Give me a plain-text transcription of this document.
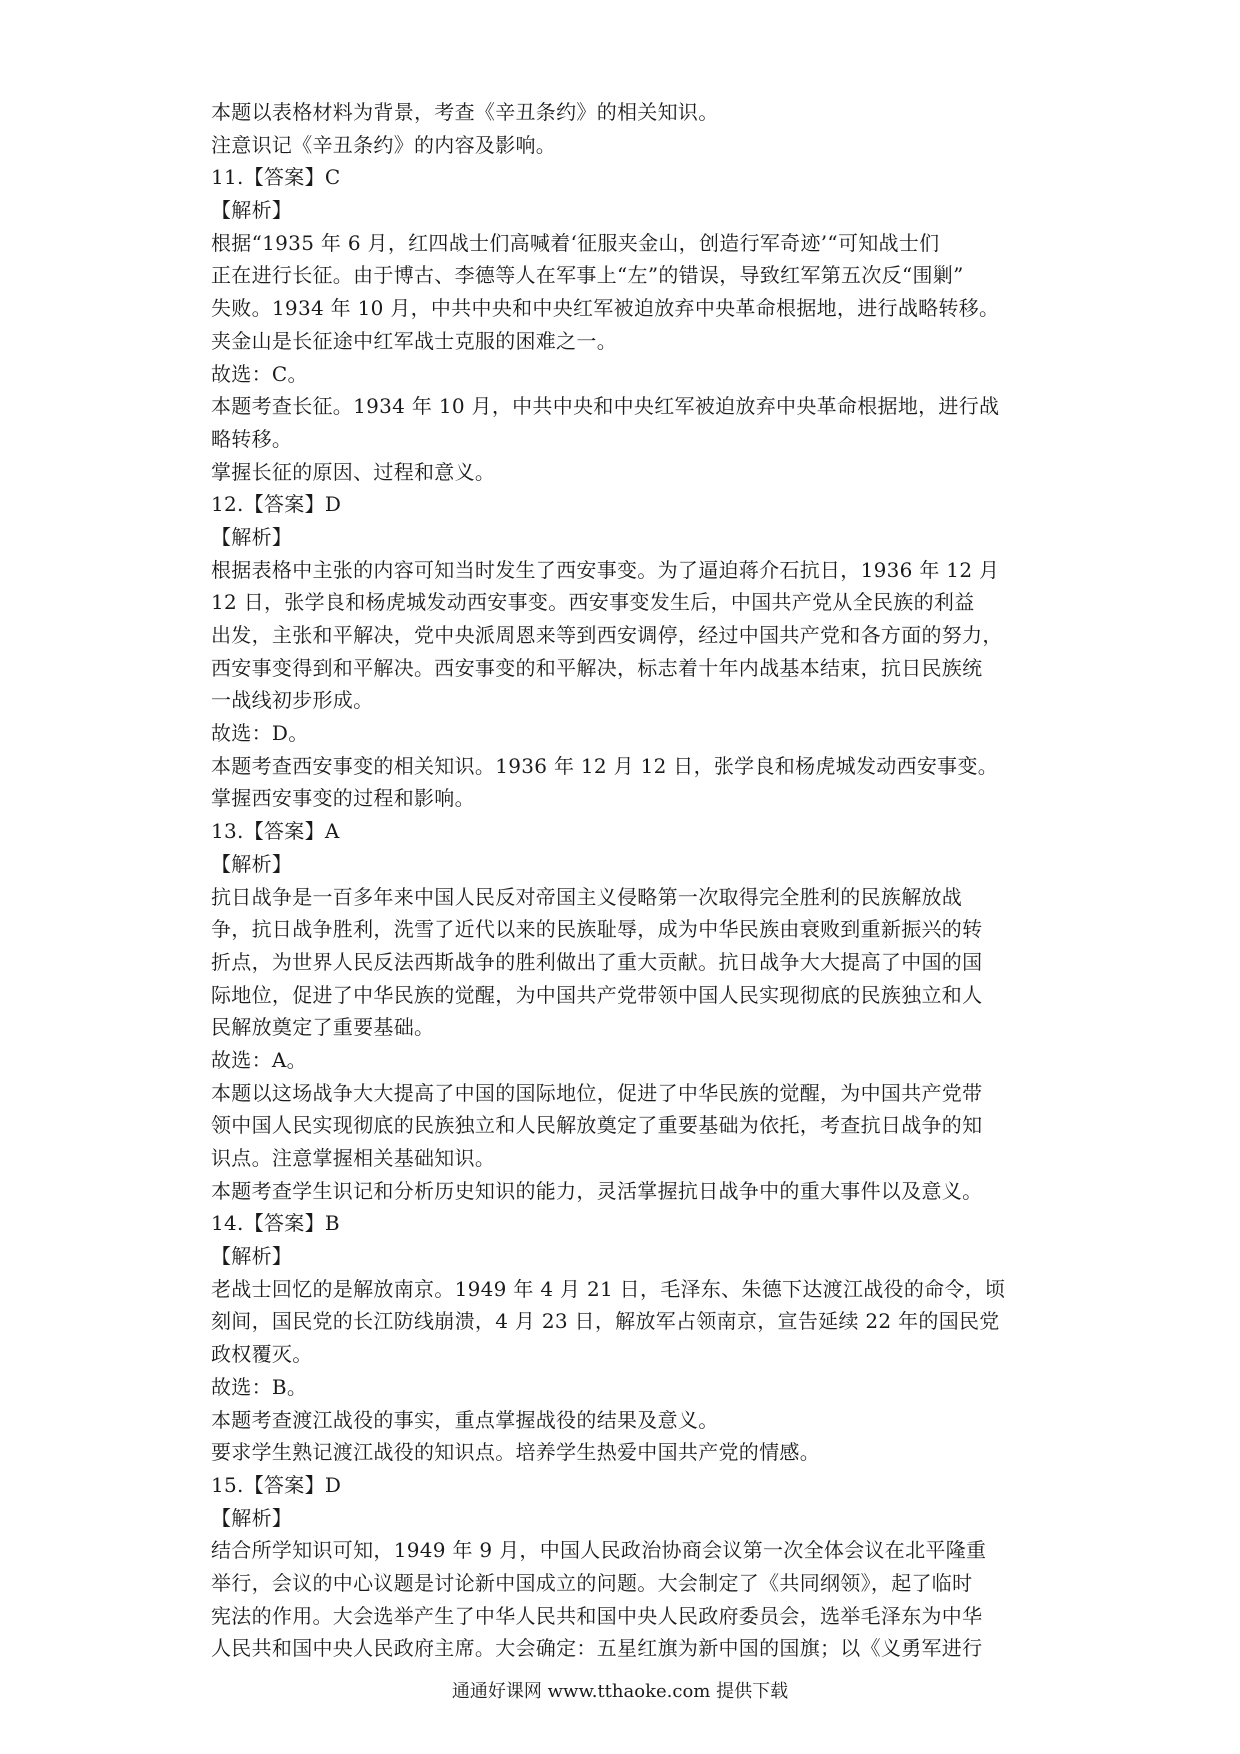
本题以表格材料为背景，考查《辛丑条约》的相关知识。
注意识记《辛丑条约》的内容及影响。
11.【答案】C
【解析】
根据“1935 年 6 月，红四战士们高喊着‘征服夹金山，创造行军奇迹’“可知战士们
正在进行长征。由于博古、李德等人在军事上“左”的错误，导致红军第五次反“围剿”
失败。1934 年 10 月，中共中央和中央红军被迫放弃中央革命根据地，进行战略转移。
夹金山是长征途中红军战士克服的困难之一。
故选：C。
本题考查长征。1934 年 10 月，中共中央和中央红军被迫放弃中央革命根据地，进行战
略转移。
掌握长征的原因、过程和意义。
12.【答案】D
【解析】
根据表格中主张的内容可知当时发生了西安事变。为了逼迫蒋介石抗日，1936 年 12 月
12 日，张学良和杨虎城发动西安事变。西安事变发生后，中国共产党从全民族的利益
出发，主张和平解决，党中央派周恩来等到西安调停，经过中国共产党和各方面的努力，
西安事变得到和平解决。西安事变的和平解决，标志着十年内战基本结束，抗日民族统
一战线初步形成。
故选：D。
本题考查西安事变的相关知识。1936 年 12 月 12 日，张学良和杨虎城发动西安事变。
掌握西安事变的过程和影响。
13.【答案】A
【解析】
抗日战争是一百多年来中国人民反对帝国主义侵略第一次取得完全胜利的民族解放战
争，抗日战争胜利，洗雪了近代以来的民族耻辱，成为中华民族由衰败到重新振兴的转
折点，为世界人民反法西斯战争的胜利做出了重大贡献。抗日战争大大提高了中国的国
际地位，促进了中华民族的觉醒，为中国共产党带领中国人民实现彻底的民族独立和人
民解放奠定了重要基础。
故选：A。
本题以这场战争大大提高了中国的国际地位，促进了中华民族的觉醒，为中国共产党带
领中国人民实现彻底的民族独立和人民解放奠定了重要基础为依托，考查抗日战争的知
识点。注意掌握相关基础知识。
本题考查学生识记和分析历史知识的能力，灵活掌握抗日战争中的重大事件以及意义。
14.【答案】B
【解析】
老战士回忆的是解放南京。1949 年 4 月 21 日，毛泽东、朱德下达渡江战役的命令，顷
刻间，国民党的长江防线崩溃，4 月 23 日，解放军占领南京，宣告延续 22 年的国民党
政权覆灭。
故选：B。
本题考查渡江战役的事实，重点掌握战役的结果及意义。
要求学生熟记渡江战役的知识点。培养学生热爱中国共产党的情感。
15.【答案】D
【解析】
结合所学知识可知，1949 年 9 月，中国人民政治协商会议第一次全体会议在北平隆重
举行，会议的中心议题是讨论新中国成立的问题。大会制定了《共同纲领》，起了临时
宪法的作用。大会选举产生了中华人民共和国中央人民政府委员会，选举毛泽东为中华
人民共和国中央人民政府主席。大会确定：五星红旗为新中国的国旗；以《义勇军进行
通通好课网 www.tthaoke.com 提供下载
